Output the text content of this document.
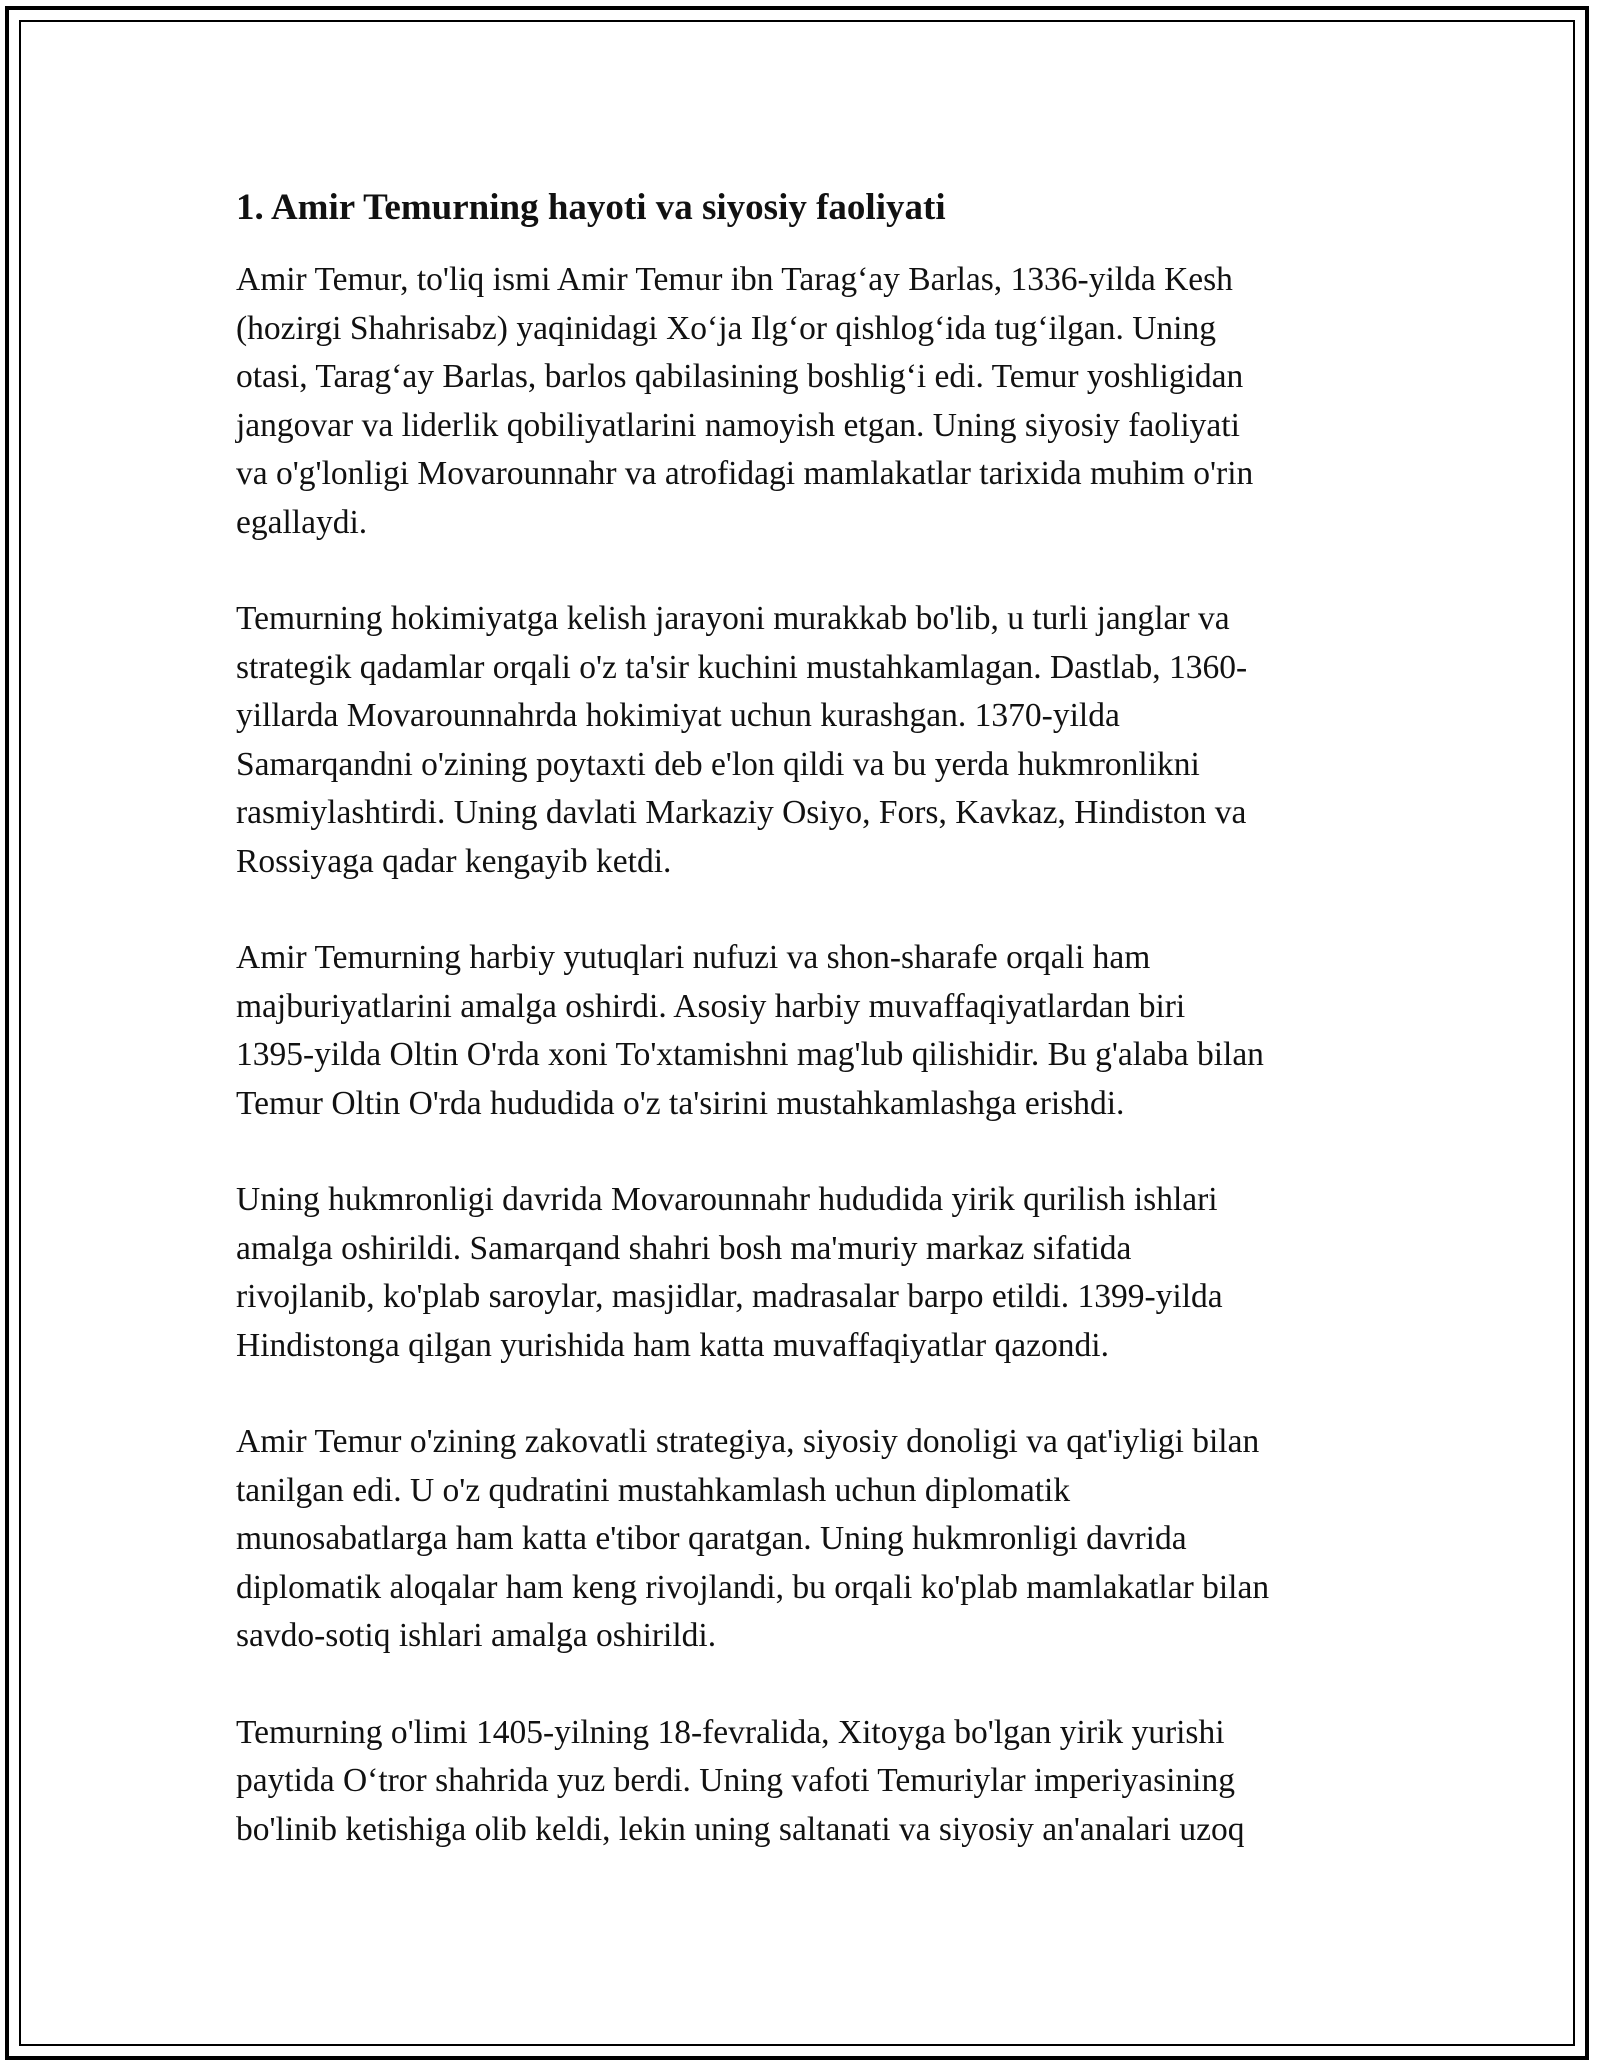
1. Amir Temurning hayoti va siyosiy faoliyati

Amir Temur, to'liq ismi Amir Temur ibn Tarag‘ay Barlas, 1336-yilda Kesh
(hozirgi Shahrisabz) yaqinidagi Xo‘ja Ilg‘or qishlog‘ida tug‘ilgan. Uning
otasi, Tarag‘ay Barlas, barlos qabilasining boshlig‘i edi. Temur yoshligidan
jangovar va liderlik qobiliyatlarini namoyish etgan. Uning siyosiy faoliyati
va o'g'lonligi Movarounnahr va atrofidagi mamlakatlar tarixida muhim o'rin
egallaydi.

Temurning hokimiyatga kelish jarayoni murakkab bo'lib, u turli janglar va
strategik qadamlar orqali o'z ta'sir kuchini mustahkamlagan. Dastlab, 1360-
yillarda Movarounnahrda hokimiyat uchun kurashgan. 1370-yilda
Samarqandni o'zining poytaxti deb e'lon qildi va bu yerda hukmronlikni
rasmiylashtirdi. Uning davlati Markaziy Osiyo, Fors, Kavkaz, Hindiston va
Rossiyaga qadar kengayib ketdi.

Amir Temurning harbiy yutuqlari nufuzi va shon-sharafe orqali ham
majburiyatlarini amalga oshirdi. Asosiy harbiy muvaffaqiyatlardan biri
1395-yilda Oltin O'rda xoni To'xtamishni mag'lub qilishidir. Bu g'alaba bilan
Temur Oltin O'rda hududida o'z ta'sirini mustahkamlashga erishdi.

Uning hukmronligi davrida Movarounnahr hududida yirik qurilish ishlari
amalga oshirildi. Samarqand shahri bosh ma'muriy markaz sifatida
rivojlanib, ko'plab saroylar, masjidlar, madrasalar barpo etildi. 1399-yilda
Hindistonga qilgan yurishida ham katta muvaffaqiyatlar qazondi.

Amir Temur o'zining zakovatli strategiya, siyosiy donoligi va qat'iyligi bilan
tanilgan edi. U o'z qudratini mustahkamlash uchun diplomatik
munosabatlarga ham katta e'tibor qaratgan. Uning hukmronligi davrida
diplomatik aloqalar ham keng rivojlandi, bu orqali ko'plab mamlakatlar bilan
savdo-sotiq ishlari amalga oshirildi.

Temurning o'limi 1405-yilning 18-fevralida, Xitoyga bo'lgan yirik yurishi
paytida O‘tror shahrida yuz berdi. Uning vafoti Temuriylar imperiyasining
bo'linib ketishiga olib keldi, lekin uning saltanati va siyosiy an'analari uzoq
